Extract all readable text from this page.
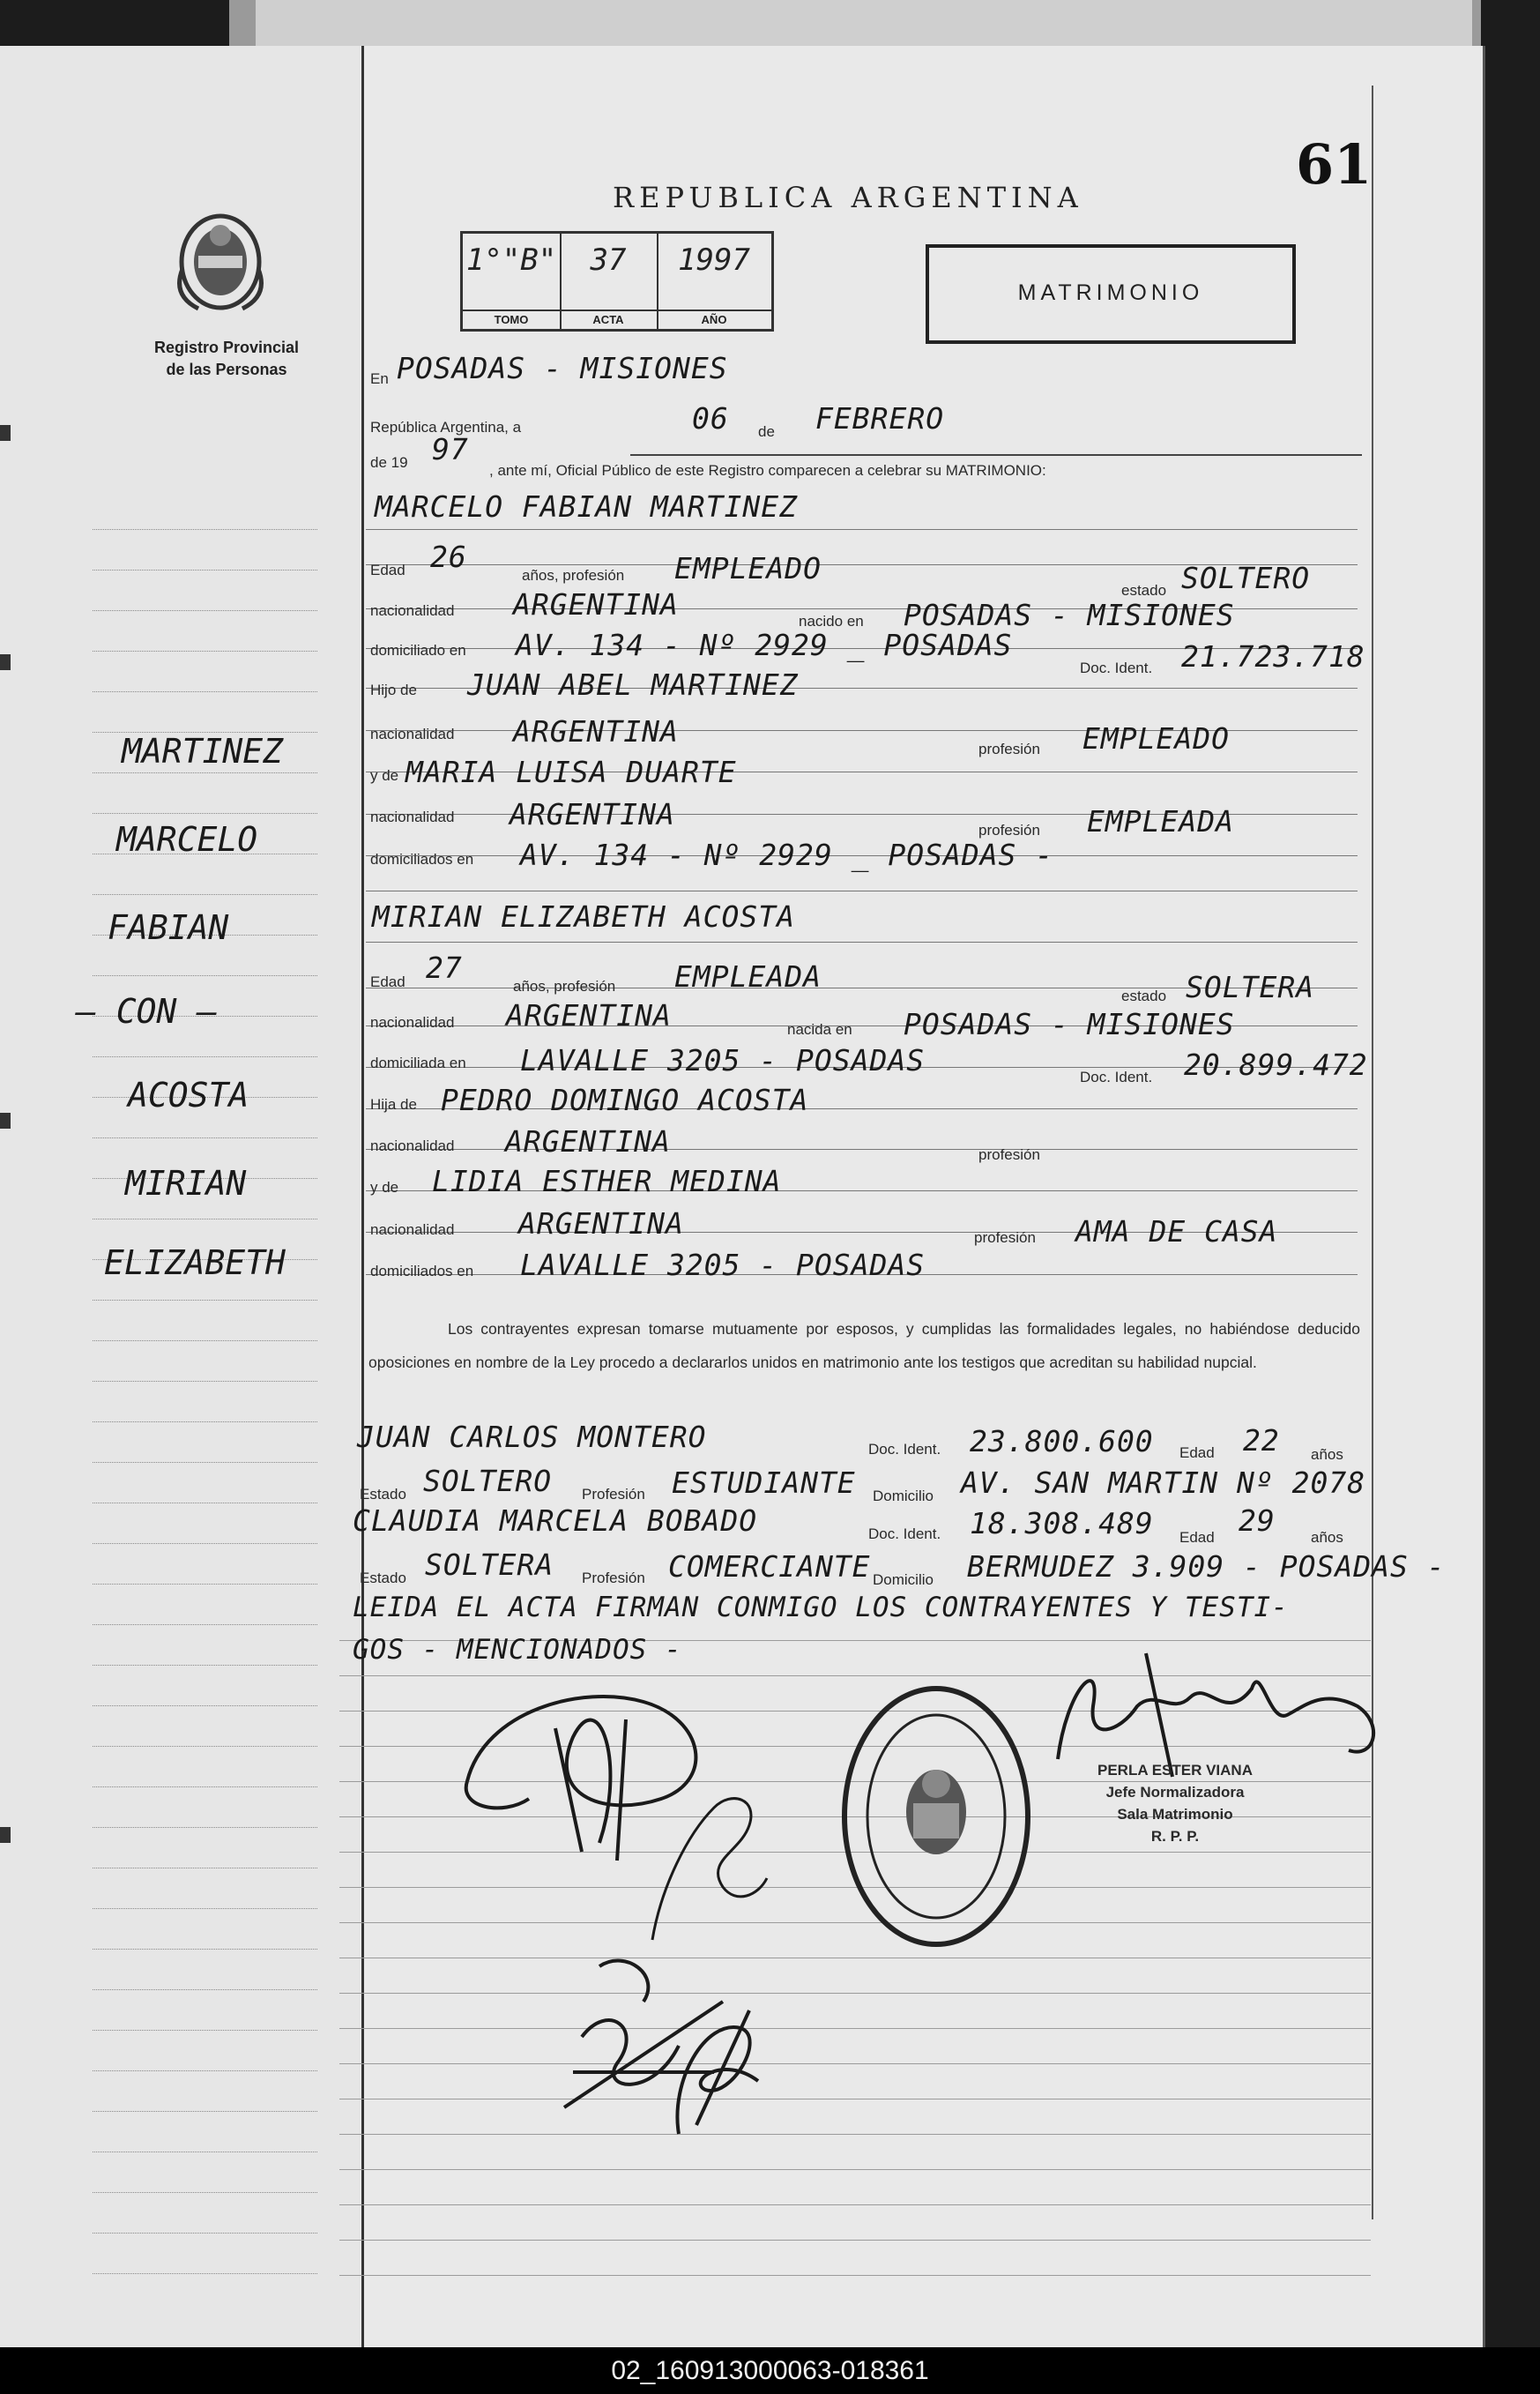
61
REPUBLICA ARGENTINA
Registro Provincial
de las Personas
1°"B"
TOMO
37
ACTA
1997
AÑO
MATRIMONIO
MARTINEZ
MARCELO
FABIAN
— CON —
ACOSTA
MIRIAN
ELIZABETH
En POSADAS - MISIONES
República Argentina, a	06 de FEBRERO
de 19 97
, ante mí, Oficial Público de este Registro comparecen a celebrar su MATRIMONIO:
MARCELO FABIAN MARTINEZ
Edad 26
años, profesión EMPLEADO
estado SOLTERO
nacionalidad ARGENTINA	nacido en POSADAS - MISIONES
domiciliado en AV. 134 - Nº 2929 _ POSADAS
Doc. Ident. 21.723.718
Hijo de JUAN ABEL MARTINEZ
nacionalidad ARGENTINA
profesión EMPLEADO
y de MARIA LUISA DUARTE
nacionalidad ARGENTINA	profesión EMPLEADA
domiciliados en AV. 134 - Nº 2929 _ POSADAS -
MIRIAN ELIZABETH ACOSTA
Edad 27
años, profesión EMPLEADA
estado SOLTERA
nacionalidad ARGENTINA	nacida en POSADAS - MISIONES
domiciliada en LAVALLE 3205 - POSADAS	Doc. Ident. 20.899.472
Hija de PEDRO DOMINGO ACOSTA
nacionalidad ARGENTINA	profesión
y de LIDIA ESTHER MEDINA
nacionalidad ARGENTINA	profesión AMA DE CASA
domiciliados en LAVALLE 3205 - POSADAS
Los contrayentes expresan tomarse mutuamente por esposos, y cumplidas las formalidades legales, no habiéndose deducido oposiciones en nombre de la Ley procedo a declararlos unidos en matrimonio ante los testigos que acreditan su habilidad nupcial.
JUAN CARLOS MONTERO	Doc. Ident. 23.800.600 Edad 22 años
Estado SOLTERO Profesión ESTUDIANTE Domicilio AV. SAN MARTIN Nº 2078
CLAUDIA MARCELA BOBADO	Doc. Ident. 18.308.489 Edad 29 años
Estado SOLTERA Profesión COMERCIANTE Domicilio BERMUDEZ 3.909 - POSADAS -
LEIDA EL ACTA FIRMAN CONMIGO LOS CONTRAYENTES Y TESTI-
GOS - MENCIONADOS -
PERLA ESTER VIANA
Jefe Normalizadora
Sala Matrimonio
R. P. P.
02_160913000063-018361
